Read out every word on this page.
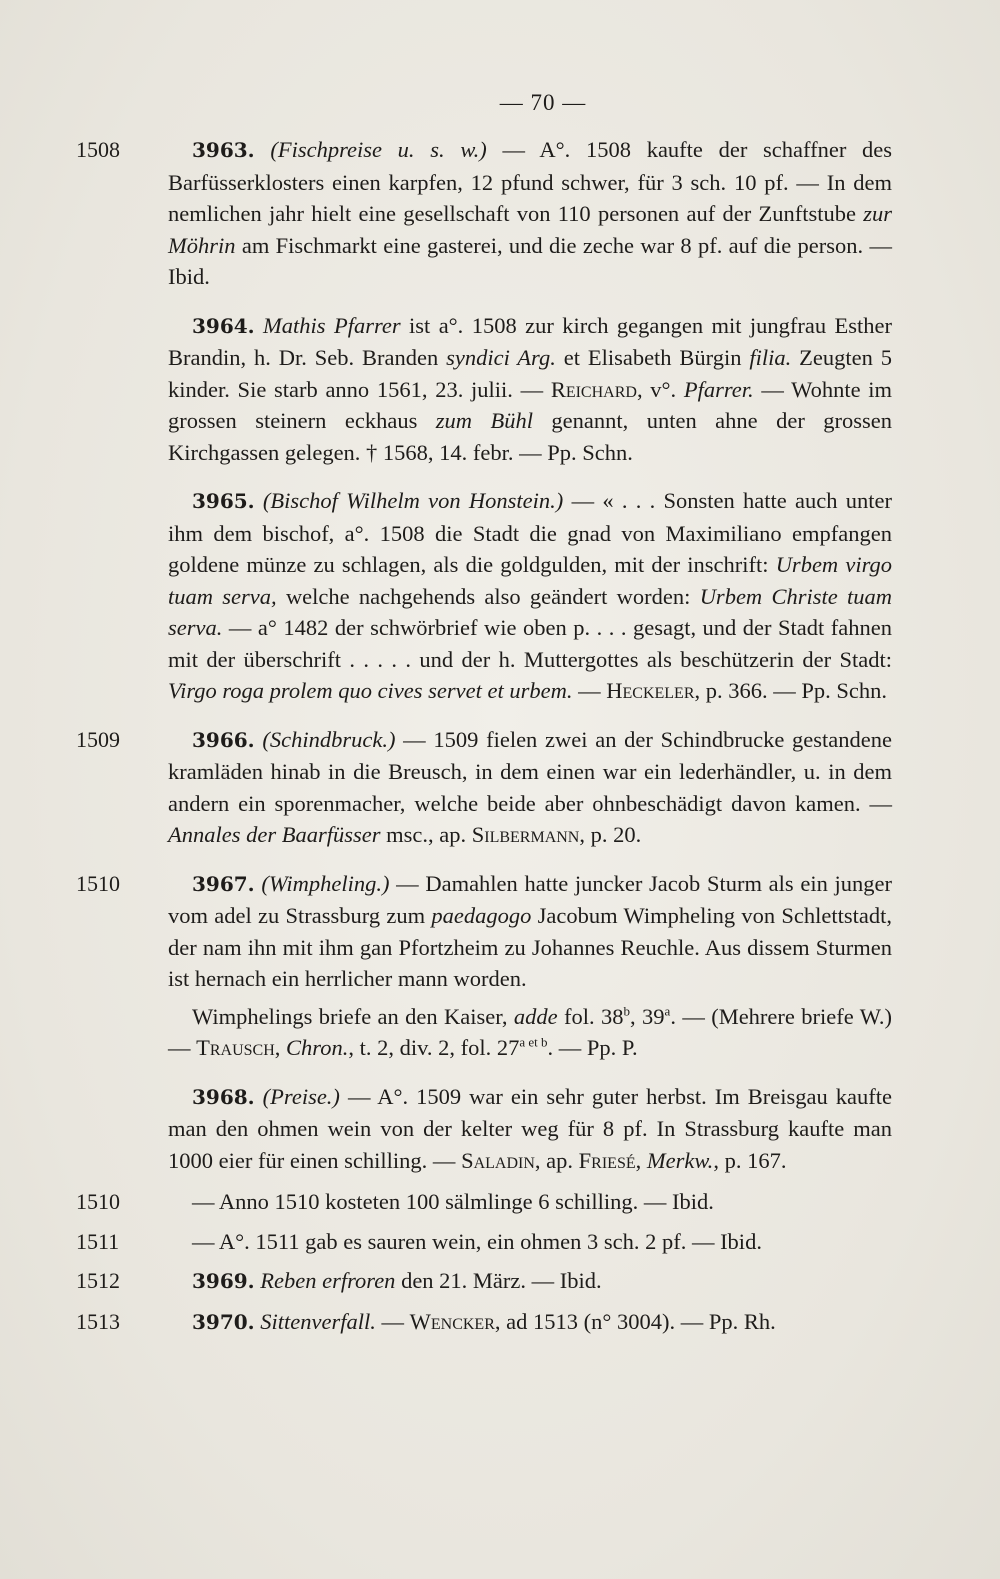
— 70 —
1508	3963. (Fischpreise u. s. w.) — A°. 1508 kaufte der schaffner des Barfüsserklosters einen karpfen, 12 pfund schwer, für 3 sch. 10 pf. — In dem nemlichen jahr hielt eine gesellschaft von 110 personen auf der Zunftstube zur Möhrin am Fischmarkt eine gasterei, und die zeche war 8 pf. auf die person. — Ibid.

3964. Mathis Pfarrer ist a°. 1508 zur kirch gegangen mit jungfrau Esther Brandin, h. Dr. Seb. Branden syndici Arg. et Elisabeth Bürgin filia. Zeugten 5 kinder. Sie starb anno 1561, 23. julii. — Reichard, v°. Pfarrer. — Wohnte im grossen steinern eckhaus zum Bühl genannt, unten ahne der grossen Kirchgassen gelegen. † 1568, 14. febr. — Pp. Schn.

3965. (Bischof Wilhelm von Honstein.) — « . . . Sonsten hatte auch unter ihm dem bischof, a°. 1508 die Stadt die gnad von Maximiliano empfangen goldene münze zu schlagen, als die goldgulden, mit der inschrift: Urbem virgo tuam serva, welche nachgehends also geändert worden: Urbem Christe tuam serva. — a° 1482 der schwörbrief wie oben p. . . . gesagt, und der Stadt fahnen mit der überschrift . . . . . und der h. Muttergottes als beschützerin der Stadt: Virgo roga prolem quo cives servet et urbem. — Heckeler, p. 366. — Pp. Schn.

1509	3966. (Schindbruck.) — 1509 fielen zwei an der Schindbrucke gestandene kramläden hinab in die Breusch, in dem einen war ein lederhändler, u. in dem andern ein sporenmacher, welche beide aber ohnbeschädigt davon kamen. — Annales der Baarfüsser msc., ap. Silbermann, p. 20.

1510	3967. (Wimpheling.) — Damahlen hatte juncker Jacob Sturm als ein junger vom adel zu Strassburg zum paedagogo Jacobum Wimpheling von Schlettstadt, der nam ihn mit ihm gan Pfortzheim zu Johannes Reuchle. Aus dissem Sturmen ist hernach ein herrlicher mann worden.

Wimphelings briefe an den Kaiser, adde fol. 38$^b$, 39$^a$. — (Mehrere briefe W.) — Trausch, Chron., t. 2, div. 2, fol. $27^{a et b}$. — Pp. P.

3968. (Preise.) — A°. 1509 war ein sehr guter herbst. Im Breisgau kaufte man den ohmen wein von der kelter weg für 8 pf. In Strassburg kaufte man 1000 eier für einen schilling. — Saladin, ap. Friesé, Merkw., p. 167.

1510	— Anno 1510 kosteten 100 sälmlinge 6 schilling. — Ibid.

1511	— A°. 1511 gab es sauren wein, ein ohmen 3 sch. 2 pf. — Ibid.

1512	3969. Reben erfroren den 21. März. — Ibid.

1513	3970. Sittenverfall. — Wencker, ad 1513 (n° 3004). — Pp. Rh.
